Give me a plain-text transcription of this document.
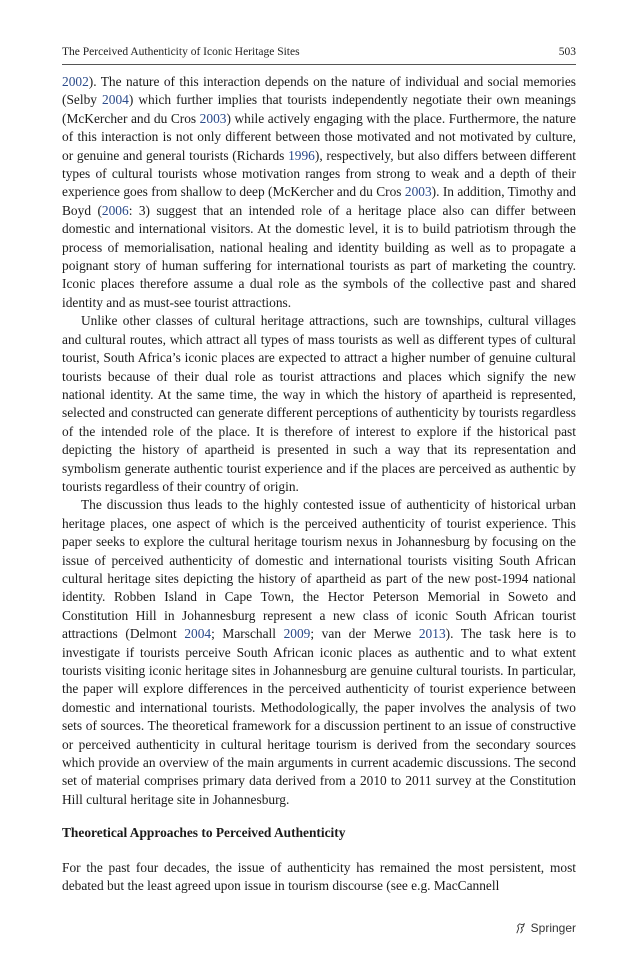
The Perceived Authenticity of Iconic Heritage Sites	503

2002). The nature of this interaction depends on the nature of individual and social memories (Selby 2004) which further implies that tourists independently negotiate their own meanings (McKercher and du Cros 2003) while actively engaging with the place. Furthermore, the nature of this interaction is not only different between those motivated and not motivated by culture, or genuine and general tourists (Richards 1996), respectively, but also differs between different types of cultural tourists whose motivation ranges from strong to weak and a depth of their experience goes from shallow to deep (McKercher and du Cros 2003). In addition, Timothy and Boyd (2006: 3) suggest that an intended role of a heritage place also can differ between domestic and international visitors. At the domestic level, it is to build patriotism through the process of memorialisation, national healing and identity building as well as to propagate a poignant story of human suffering for international tourists as part of marketing the country. Iconic places therefore assume a dual role as the symbols of the collective past and shared identity and as must-see tourist attractions.

Unlike other classes of cultural heritage attractions, such are townships, cultural villages and cultural routes, which attract all types of mass tourists as well as different types of cultural tourist, South Africa’s iconic places are expected to attract a higher number of genuine cultural tourists because of their dual role as tourist attractions and places which signify the new national identity. At the same time, the way in which the history of apartheid is represented, selected and constructed can generate different perceptions of authenticity by tourists regardless of the intended role of the place. It is therefore of interest to explore if the historical past depicting the history of apartheid is presented in such a way that its representation and symbolism generate authentic tourist experience and if the places are perceived as authentic by tourists regardless of their country of origin.

The discussion thus leads to the highly contested issue of authenticity of historical urban heritage places, one aspect of which is the perceived authenticity of tourist experience. This paper seeks to explore the cultural heritage tourism nexus in Johannesburg by focusing on the issue of perceived authenticity of domestic and international tourists visiting South African cultural heritage sites depicting the history of apartheid as part of the new post-1994 national identity. Robben Island in Cape Town, the Hector Peterson Memorial in Soweto and Constitution Hill in Johannesburg represent a new class of iconic South African tourist attractions (Delmont 2004; Marschall 2009; van der Merwe 2013). The task here is to investigate if tourists perceive South African iconic places as authentic and to what extent tourists visiting iconic heritage sites in Johannesburg are genuine cultural tourists. In particular, the paper will explore differences in the perceived authenticity of tourist experience between domestic and international tourists. Methodologically, the paper involves the analysis of two sets of sources. The theoretical framework for a discussion pertinent to an issue of constructive or perceived authenticity in cultural heritage tourism is derived from the secondary sources which provide an overview of the main arguments in current academic discussions. The second set of material comprises primary data derived from a 2010 to 2011 survey at the Constitution Hill cultural heritage site in Johannesburg.

Theoretical Approaches to Perceived Authenticity
For the past four decades, the issue of authenticity has remained the most persistent, most debated but the least agreed upon issue in tourism discourse (see e.g. MacCannell
Springer
